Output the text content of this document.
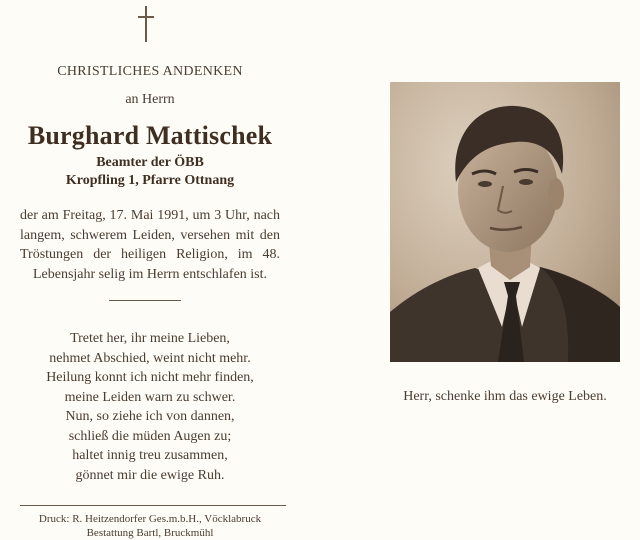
CHRISTLICHES ANDENKEN
an Herrn
Burghard Mattischek
Beamter der ÖBB
Kropfling 1, Pfarre Ottnang
der am Freitag, 17. Mai 1991, um 3 Uhr, nach langem, schwerem Leiden, versehen mit den Tröstungen der heiligen Religion, im 48. Lebensjahr selig im Herrn entschlafen ist.
Tretet her, ihr meine Lieben,
nehmet Abschied, weint nicht mehr.
Heilung konnt ich nicht mehr finden,
meine Leiden warn zu schwer.
Nun, so ziehe ich von dannen,
schließ die müden Augen zu;
haltet innig treu zusammen,
gönnet mir die ewige Ruh.
Druck: R. Heitzendorfer Ges.m.b.H., Vöcklabruck
Bestattung Bartl, Bruckmühl
Herr, schenke ihm das ewige Leben.
